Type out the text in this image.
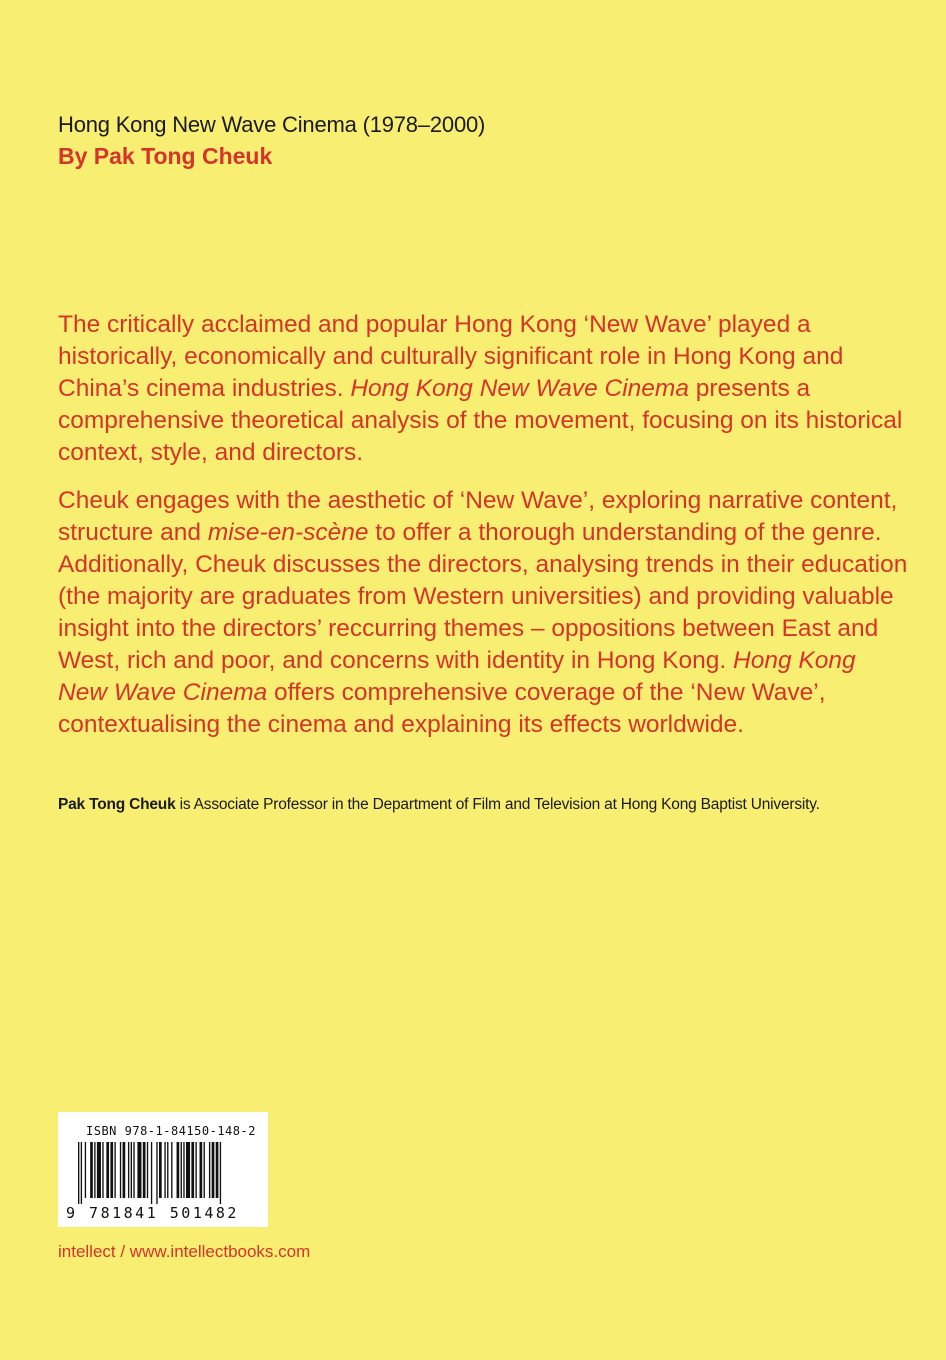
Hong Kong New Wave Cinema (1978–2000)
By Pak Tong Cheuk

The critically acclaimed and popular Hong Kong ‘New Wave’ played a historically, economically and culturally significant role in Hong Kong and China’s cinema industries. Hong Kong New Wave Cinema presents a comprehensive theoretical analysis of the movement, focusing on its historical context, style, and directors.

Cheuk engages with the aesthetic of ‘New Wave’, exploring narrative content, structure and mise-en-scène to offer a thorough understanding of the genre. Additionally, Cheuk discusses the directors, analysing trends in their education (the majority are graduates from Western universities) and providing valuable insight into the directors’ reccurring themes – oppositions between East and West, rich and poor, and concerns with identity in Hong Kong. Hong Kong New Wave Cinema offers comprehensive coverage of the ‘New Wave’, contextualising the cinema and explaining its effects worldwide.

Pak Tong Cheuk is Associate Professor in the Department of Film and Television at Hong Kong Baptist University.
ISBN 978-1-84150-148-2
9 781841 501482
intellect / www.intellectbooks.com
